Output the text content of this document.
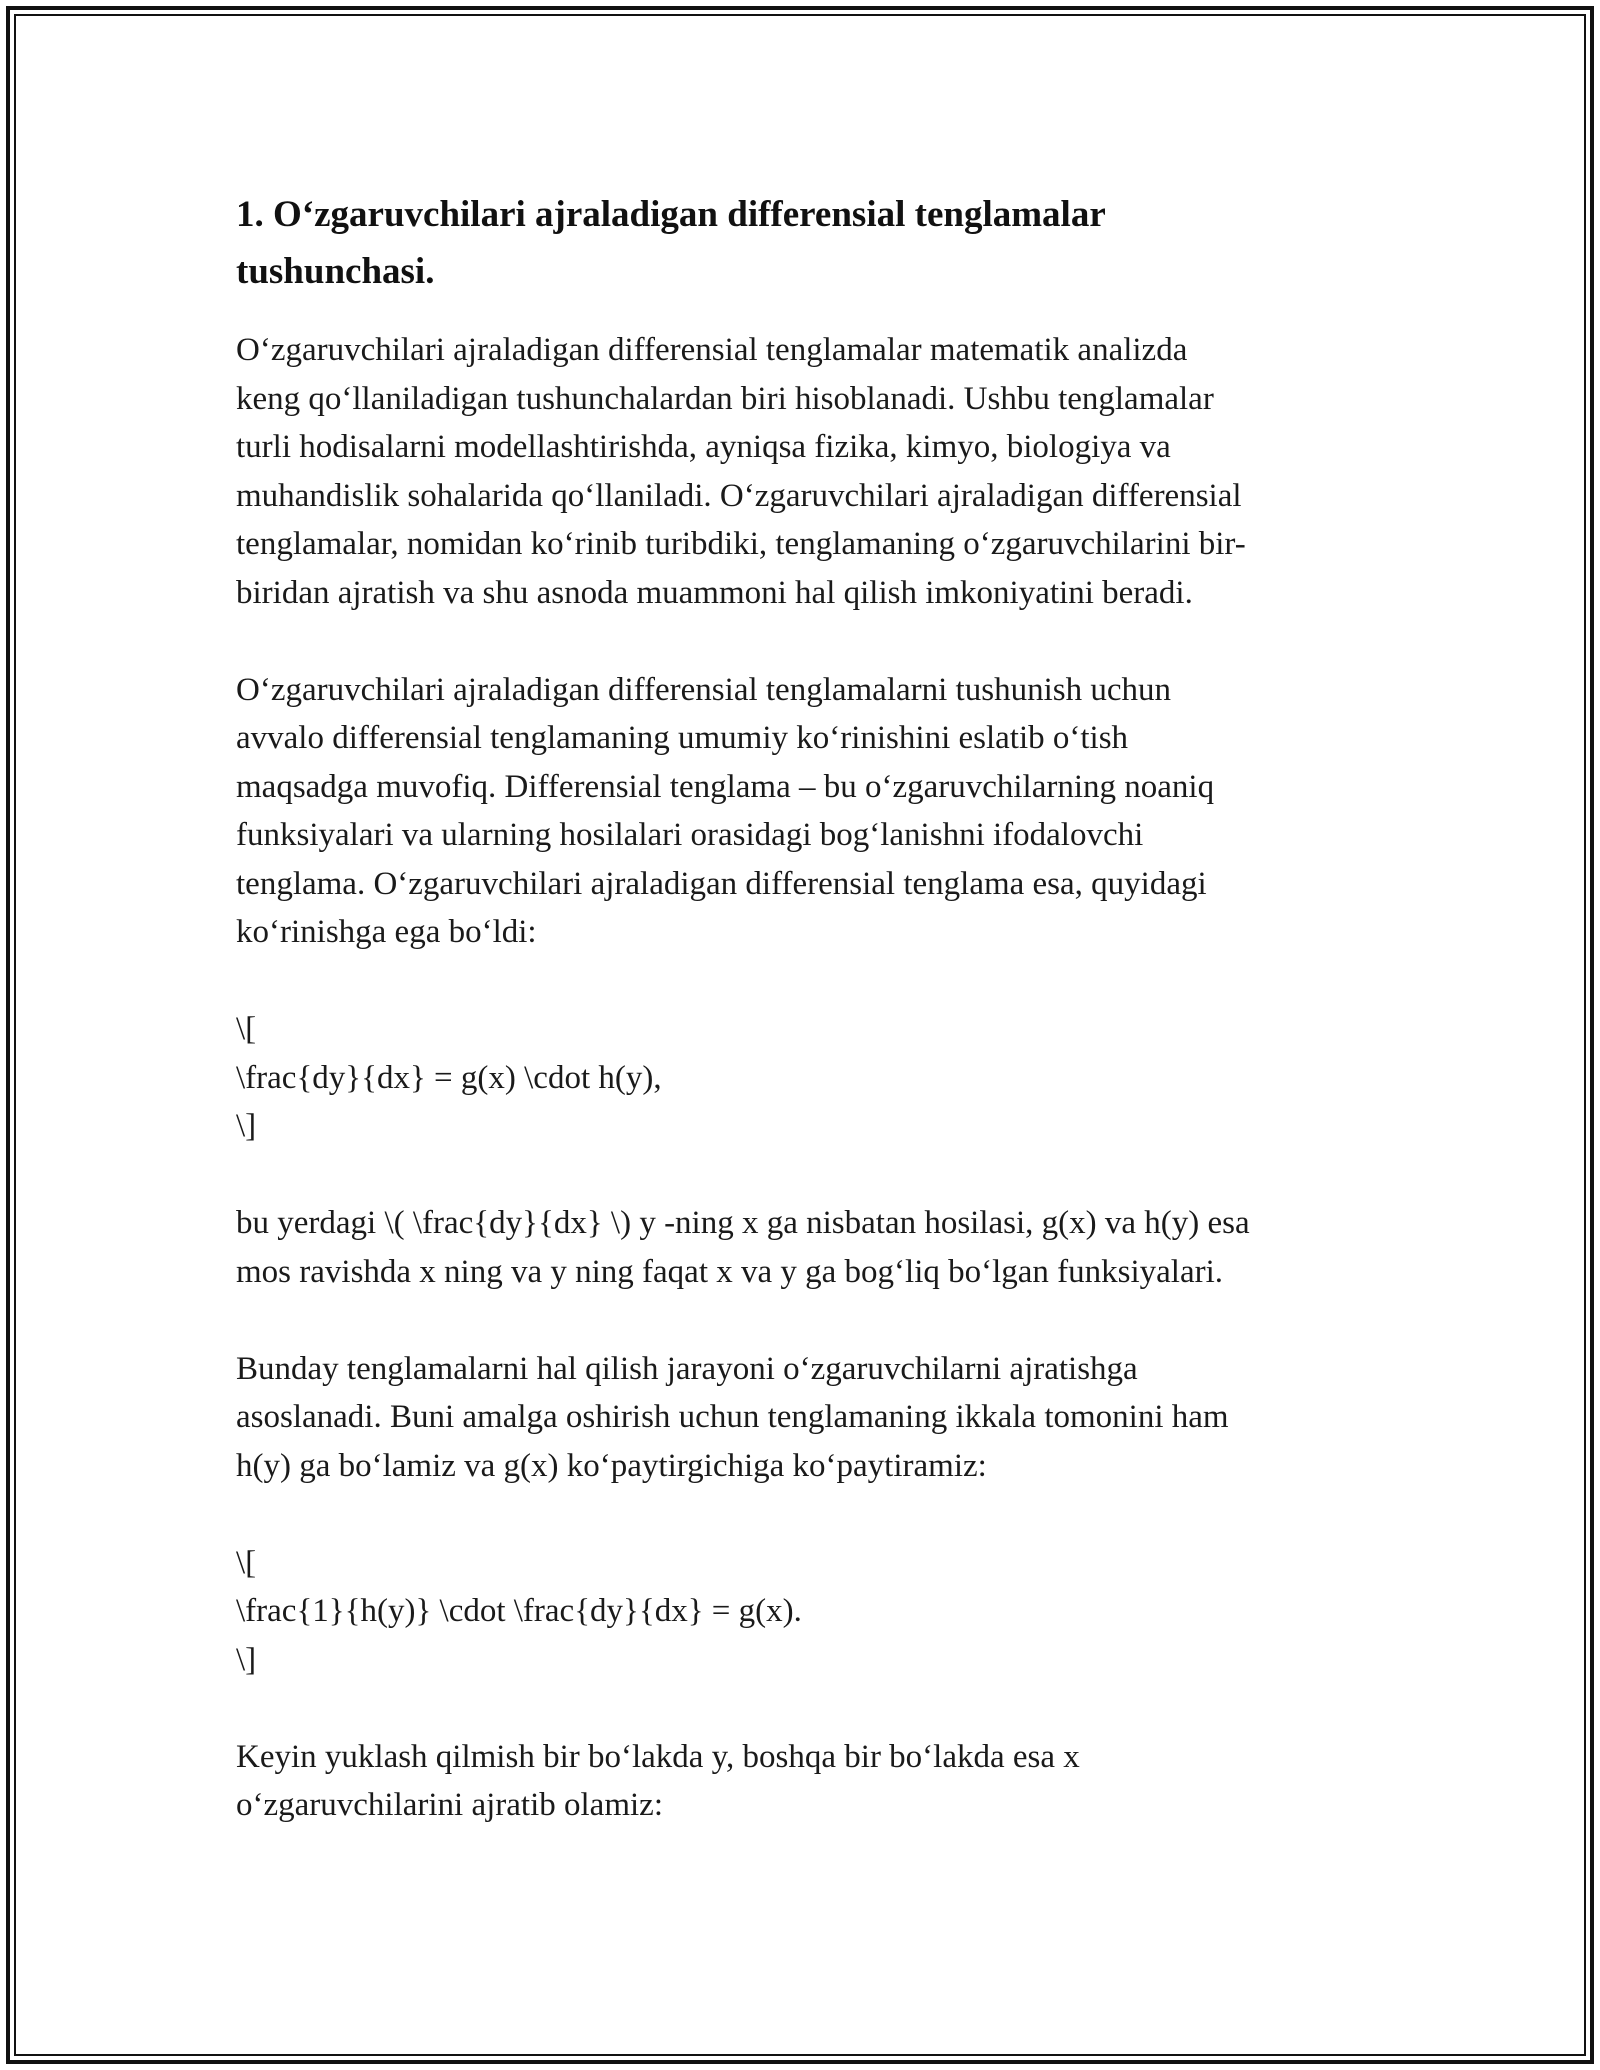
1. Oʻzgaruvchilari ajraladigan differensial tenglamalar
tushunchasi.
Oʻzgaruvchilari ajraladigan differensial tenglamalar matematik analizda
keng qoʻllaniladigan tushunchalardan biri hisoblanadi. Ushbu tenglamalar
turli hodisalarni modellashtirishda, ayniqsa fizika, kimyo, biologiya va
muhandislik sohalarida qoʻllaniladi. Oʻzgaruvchilari ajraladigan differensial
tenglamalar, nomidan koʻrinib turibdiki, tenglamaning oʻzgaruvchilarini bir-
biridan ajratish va shu asnoda muammoni hal qilish imkoniyatini beradi.
Oʻzgaruvchilari ajraladigan differensial tenglamalarni tushunish uchun
avvalo differensial tenglamaning umumiy koʻrinishini eslatib oʻtish
maqsadga muvofiq. Differensial tenglama – bu oʻzgaruvchilarning noaniq
funksiyalari va ularning hosilalari orasidagi bogʻlanishni ifodalovchi
tenglama. Oʻzgaruvchilari ajraladigan differensial tenglama esa, quyidagi
koʻrinishga ega boʻldi:
\[
\frac{dy}{dx} = g(x) \cdot h(y),
\]
bu yerdagi \( \frac{dy}{dx} \) y -ning x ga nisbatan hosilasi, g(x) va h(y) esa
mos ravishda x ning va y ning faqat x va y ga bogʻliq boʻlgan funksiyalari.
Bunday tenglamalarni hal qilish jarayoni oʻzgaruvchilarni ajratishga
asoslanadi. Buni amalga oshirish uchun tenglamaning ikkala tomonini ham
h(y) ga boʻlamiz va g(x) koʻpaytirgichiga koʻpaytiramiz:
\[
\frac{1}{h(y)} \cdot \frac{dy}{dx} = g(x).
\]
Keyin yuklash qilmish bir boʻlakda y, boshqa bir boʻlakda esa x
oʻzgaruvchilarini ajratib olamiz:
